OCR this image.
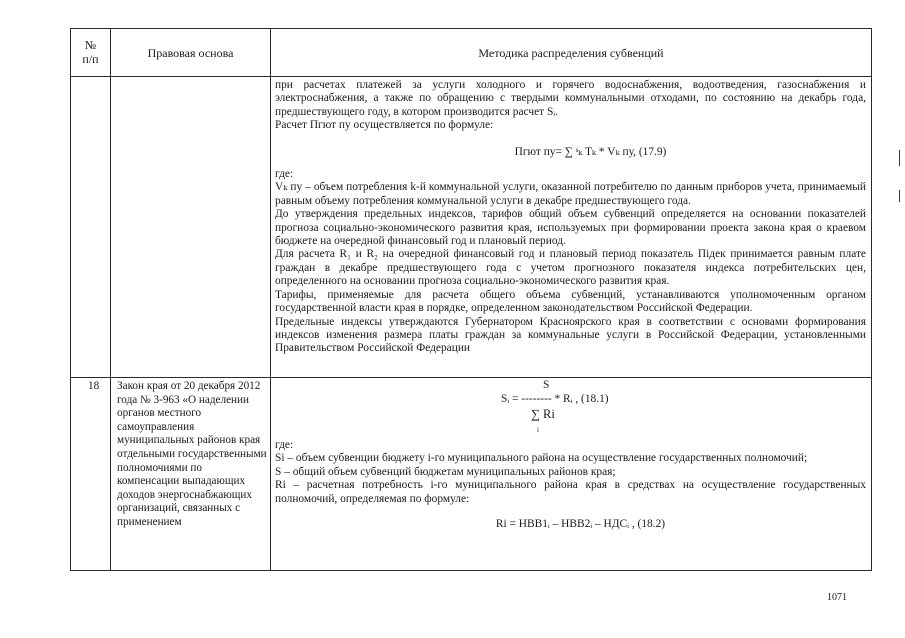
№
п/п	Правовая основа	Методика распределения субвенций

при расчетах платежей за услуги холодного и горячего водоснабжения, водоотведения, газоснабжения и электроснабжения, а также по обращению с твердыми коммунальными отходами, по состоянию на декабрь года, предшествующего году, в котором производится расчет Sᵢ.

Расчет Пгют пу осуществляется по формуле:

Пгют пу= ∑ ˢₖ Tₖ * Vₖ пу, (17.9)

где:

Vₖ пу – объем потребления k-й коммунальной услуги, оказанной потребителю по данным приборов учета, принимаемый равным объему потребления коммунальной услуги в декабре предшествующего года.

До утверждения предельных индексов, тарифов общий объем субвенций определяется на основании показателей прогноза социально-экономического развития края, используемых при формировании проекта закона края о краевом бюджете на очередной финансовый год и плановый период.

Для расчета R₁ и R₂ на очередной финансовый год и плановый период показатель Пiдек принимается равным плате граждан в декабре предшествующего года с учетом прогнозного показателя индекса потребительских цен, определенного на основании прогноза социально-экономического развития края.

Тарифы, применяемые для расчета общего объема субвенций, устанавливаются уполномоченным органом государственной власти края в порядке, определенном законодательством Российской Федерации.

Предельные индексы утверждаются Губернатором Красноярского края в соответствии с основами формирования индексов изменения размера платы граждан за коммунальные услуги в Российской Федерации, установленными Правительством Российской Федерации

18 Закон края от 20 декабря 2012 года № 3-963 «О наделении органов местного самоуправления муниципальных районов края отдельными государственными полномочиями по компенсации выпадающих доходов энергоснабжающих организаций, связанных с применением
S
Sᵢ = -------- * Rᵢ , (18.1)
∑ Ri
i

где:

Si – объем субвенции бюджету i-го муниципального района на осуществление государственных полномочий;

S – общий объем субвенций бюджетам муниципальных районов края;

Ri – расчетная потребность i-го муниципального района края в средствах на осуществление государственных полномочий, определяемая по формуле:

Ri = НВВ1ᵢ – НВВ2ᵢ – НДСᵢ , (18.2)
1071
